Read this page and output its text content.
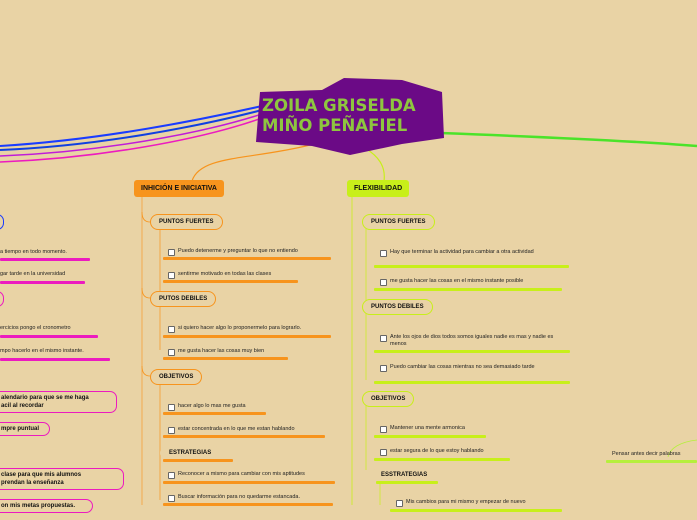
ZOILA GRISELDA
MIÑO PEÑAFIEL
INHICIÓN E INICIATIVA
PUNTOS FUERTES
Puedo detenerme y preguntar lo que no entiendo
sentirme motivado en todas las clases
PUTOS DEBILES
si quiero hacer algo lo proponermelo para lograrlo.
me gusta hacer las cosas muy bien
OBJETIVOS
hacer algo lo mas me gusta
estar concentrada en lo que me estan hablando
ESTRATEGIAS
Reconocer a mismo para cambiar con mis aptitudes
Buscar información para no quedarme estancada.
FLEXIBILIDAD
PUNTOS FUERTES
Hay que terminar la actividad para cambiar a otra actividad
me gusta hacer las cosas en el mismo instante posible
PUNTOS DEBILES
Ante los ojos de dios todos somos iguales nadie es mas y nadie es menos
Puedo cambiar las cosas mientras no sea demasiado tarde
OBJETIVOS
Mantener una mente armonica
estar segura de lo que estoy hablando
ESSTRATEGIAS
Mis cambios para mi mismo y empezar de nuevo
a tiempo en todo momento.
gar tarde en la universidad
ercicios pongo el cronometro
mpo hacerlo en el mismo instante.
alendario para que se me haga
acil al recordar
mpre puntual
clase para que mis alumnos
prendan la enseñanza
on mis metas propuestas.
Pensar antes decir palabras
